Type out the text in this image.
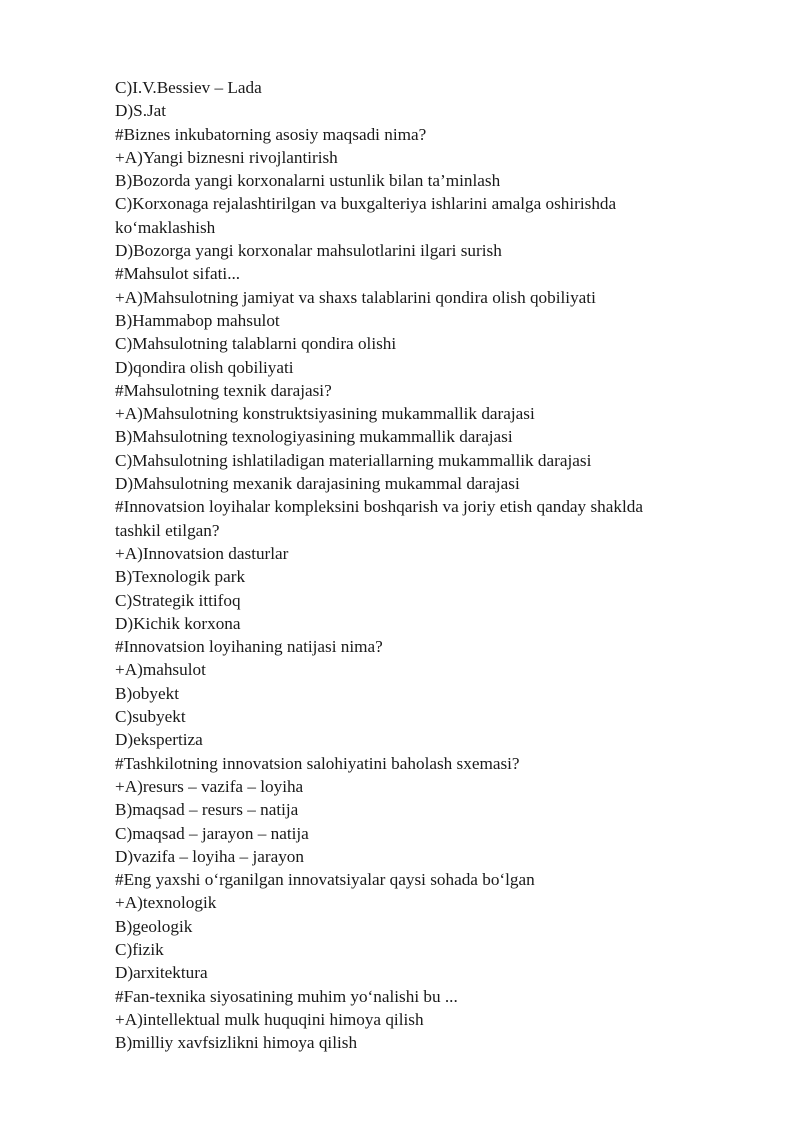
C)I.V.Bessiev – Lada
D)S.Jat
#Biznes inkubatorning asosiy maqsadi nima?
+A)Yangi biznesni rivojlantirish
B)Bozorda yangi korxonalarni ustunlik bilan ta’minlash
C)Korxonaga rejalashtirilgan va buxgalteriya ishlarini amalga oshirishda
ko‘maklashish
D)Bozorga yangi korxonalar mahsulotlarini ilgari surish
#Mahsulot sifati...
+A)Mahsulotning jamiyat va shaxs talablarini qondira olish qobiliyati
B)Hammabop mahsulot
C)Mahsulotning talablarni qondira olishi
D)qondira olish qobiliyati
#Mahsulotning texnik darajasi?
+A)Mahsulotning konstruktsiyasining mukammallik darajasi
B)Mahsulotning texnologiyasining mukammallik darajasi
C)Mahsulotning ishlatiladigan materiallarning mukammallik darajasi
D)Mahsulotning mexanik darajasining mukammal darajasi
#Innovatsion loyihalar kompleksini boshqarish va joriy etish qanday shaklda
tashkil etilgan?
+A)Innovatsion dasturlar
B)Texnologik park
C)Strategik ittifoq
D)Kichik korxona
#Innovatsion loyihaning natijasi nima?
+A)mahsulot
B)obyekt
C)subyekt
D)ekspertiza
#Tashkilotning innovatsion salohiyatini baholash sxemasi?
+A)resurs – vazifa – loyiha
B)maqsad – resurs – natija
C)maqsad – jarayon – natija
D)vazifa – loyiha – jarayon
#Eng yaxshi o‘rganilgan innovatsiyalar qaysi sohada bo‘lgan
+A)texnologik
B)geologik
C)fizik
D)arxitektura
#Fan-texnika siyosatining muhim yo‘nalishi bu ...
+A)intellektual mulk huquqini himoya qilish
B)milliy xavfsizlikni himoya qilish
